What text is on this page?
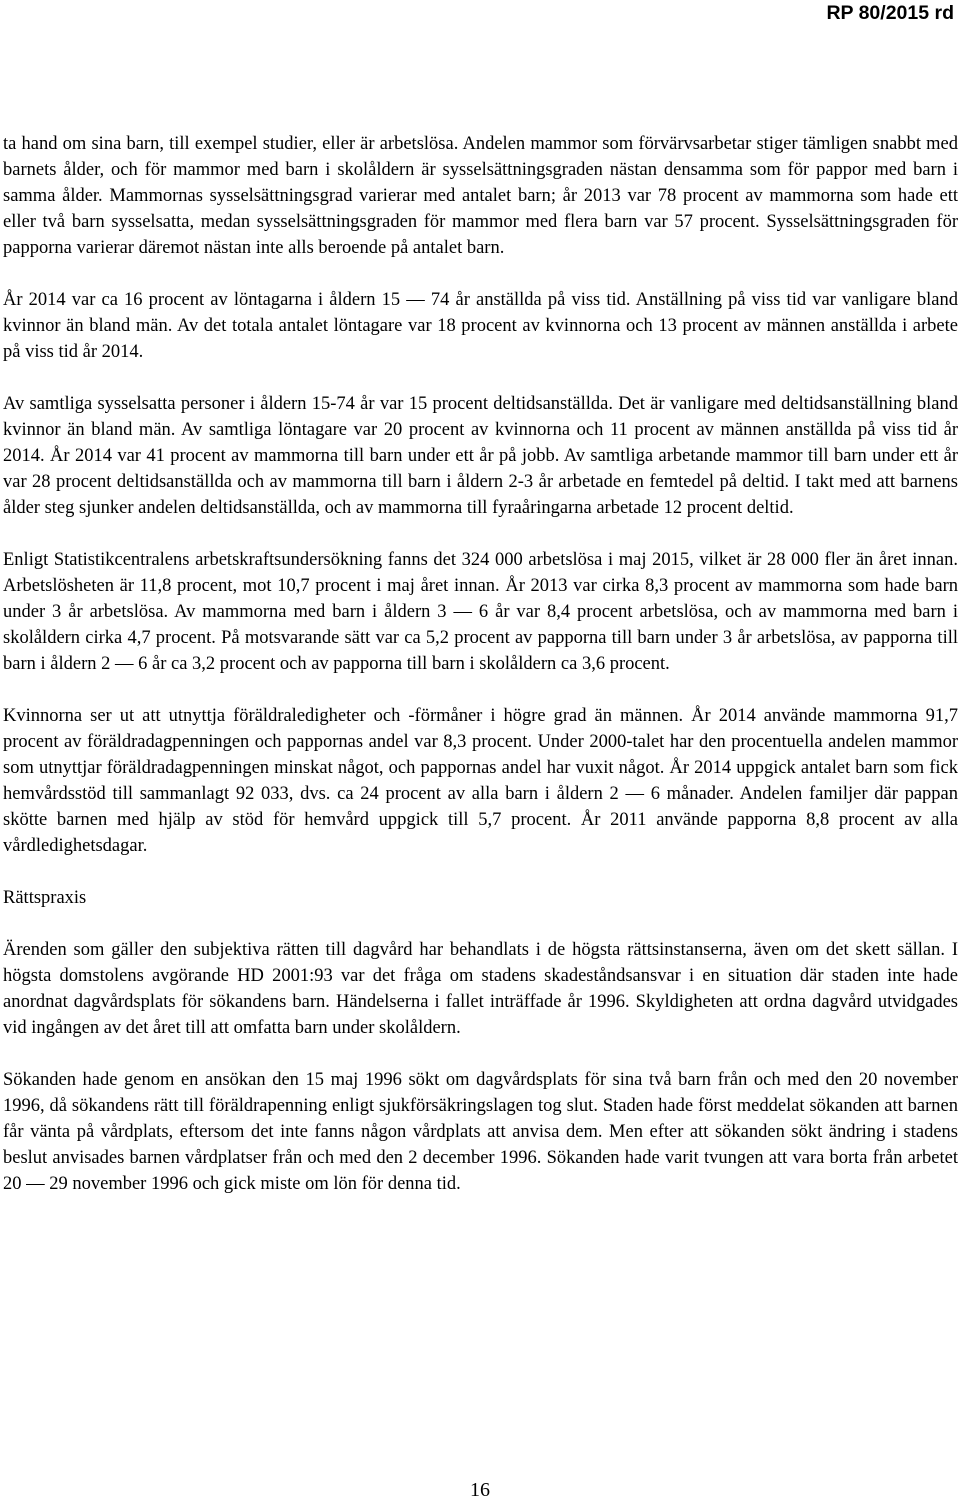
RP 80/2015 rd

ta hand om sina barn, till exempel studier, eller är arbetslösa. Andelen mammor som förvärvsarbetar stiger tämligen snabbt med barnets ålder, och för mammor med barn i skolåldern är sysselsättningsgraden nästan densamma som för pappor med barn i samma ålder. Mammornas sysselsättningsgrad varierar med antalet barn; år 2013 var 78 procent av mammorna som hade ett eller två barn sysselsatta, medan sysselsättningsgraden för mammor med flera barn var 57 procent. Sysselsättningsgraden för papporna varierar däremot nästan inte alls beroende på antalet barn.

År 2014 var ca 16 procent av löntagarna i åldern 15 — 74 år anställda på viss tid. Anställning på viss tid var vanligare bland kvinnor än bland män. Av det totala antalet löntagare var 18 procent av kvinnorna och 13 procent av männen anställda i arbete på viss tid år 2014.

Av samtliga sysselsatta personer i åldern 15-74 år var 15 procent deltidsanställda. Det är vanligare med deltidsanställning bland kvinnor än bland män. Av samtliga löntagare var 20 procent av kvinnorna och 11 procent av männen anställda på viss tid år 2014. År 2014 var 41 procent av mammorna till barn under ett år på jobb. Av samtliga arbetande mammor till barn under ett år var 28 procent deltidsanställda och av mammorna till barn i åldern 2-3 år arbetade en femtedel på deltid. I takt med att barnens ålder steg sjunker andelen deltidsanställda, och av mammorna till fyraåringarna arbetade 12 procent deltid.

Enligt Statistikcentralens arbetskraftsundersökning fanns det 324 000 arbetslösa i maj 2015, vilket är 28 000 fler än året innan. Arbetslösheten är 11,8 procent, mot 10,7 procent i maj året innan. År 2013 var cirka 8,3 procent av mammorna som hade barn under 3 år arbetslösa. Av mammorna med barn i åldern 3 — 6 år var 8,4 procent arbetslösa, och av mammorna med barn i skolåldern cirka 4,7 procent. På motsvarande sätt var ca 5,2 procent av papporna till barn under 3 år arbetslösa, av papporna till barn i åldern 2 — 6 år ca 3,2 procent och av papporna till barn i skolåldern ca 3,6 procent.

Kvinnorna ser ut att utnyttja föräldraledigheter och -förmåner i högre grad än männen. År 2014 använde mammorna 91,7 procent av föräldradagpenningen och pappornas andel var 8,3 procent. Under 2000-talet har den procentuella andelen mammor som utnyttjar föräldradagpenningen minskat något, och pappornas andel har vuxit något. År 2014 uppgick antalet barn som fick hemvårdsstöd till sammanlagt 92 033, dvs. ca 24 procent av alla barn i åldern 2 — 6 månader. Andelen familjer där pappan skötte barnen med hjälp av stöd för hemvård uppgick till 5,7 procent. År 2011 använde papporna 8,8 procent av alla vårdledighetsdagar.

Rättspraxis

Ärenden som gäller den subjektiva rätten till dagvård har behandlats i de högsta rättsinstanserna, även om det skett sällan. I högsta domstolens avgörande HD 2001:93 var det fråga om stadens skadeståndsansvar i en situation där staden inte hade anordnat dagvårdsplats för sökandens barn. Händelserna i fallet inträffade år 1996. Skyldigheten att ordna dagvård utvidgades vid ingången av det året till att omfatta barn under skolåldern.

Sökanden hade genom en ansökan den 15 maj 1996 sökt om dagvårdsplats för sina två barn från och med den 20 november 1996, då sökandens rätt till föräldrapenning enligt sjukförsäkringslagen tog slut. Staden hade först meddelat sökanden att barnen får vänta på vårdplats, eftersom det inte fanns någon vårdplats att anvisa dem. Men efter att sökanden sökt ändring i stadens beslut anvisades barnen vårdplatser från och med den 2 december 1996. Sökanden hade varit tvungen att vara borta från arbetet 20 — 29 november 1996 och gick miste om lön för denna tid.

16
